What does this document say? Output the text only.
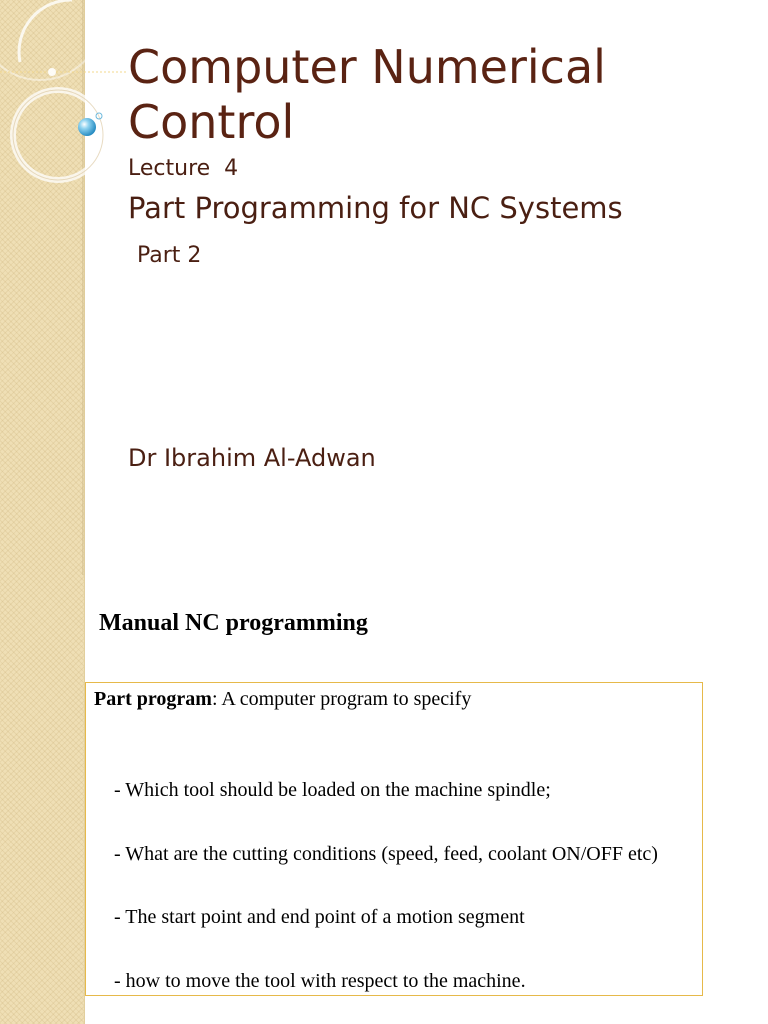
Computer Numerical Control
Lecture  4
Part Programming for NC Systems
Part 2
Dr Ibrahim Al-Adwan
Manual NC programming
Part program: A computer program to specify
- Which tool should be loaded on the machine spindle;
- What are the cutting conditions (speed, feed, coolant ON/OFF etc)
- The start point and end point of a motion segment
- how to move the tool with respect to the machine.
